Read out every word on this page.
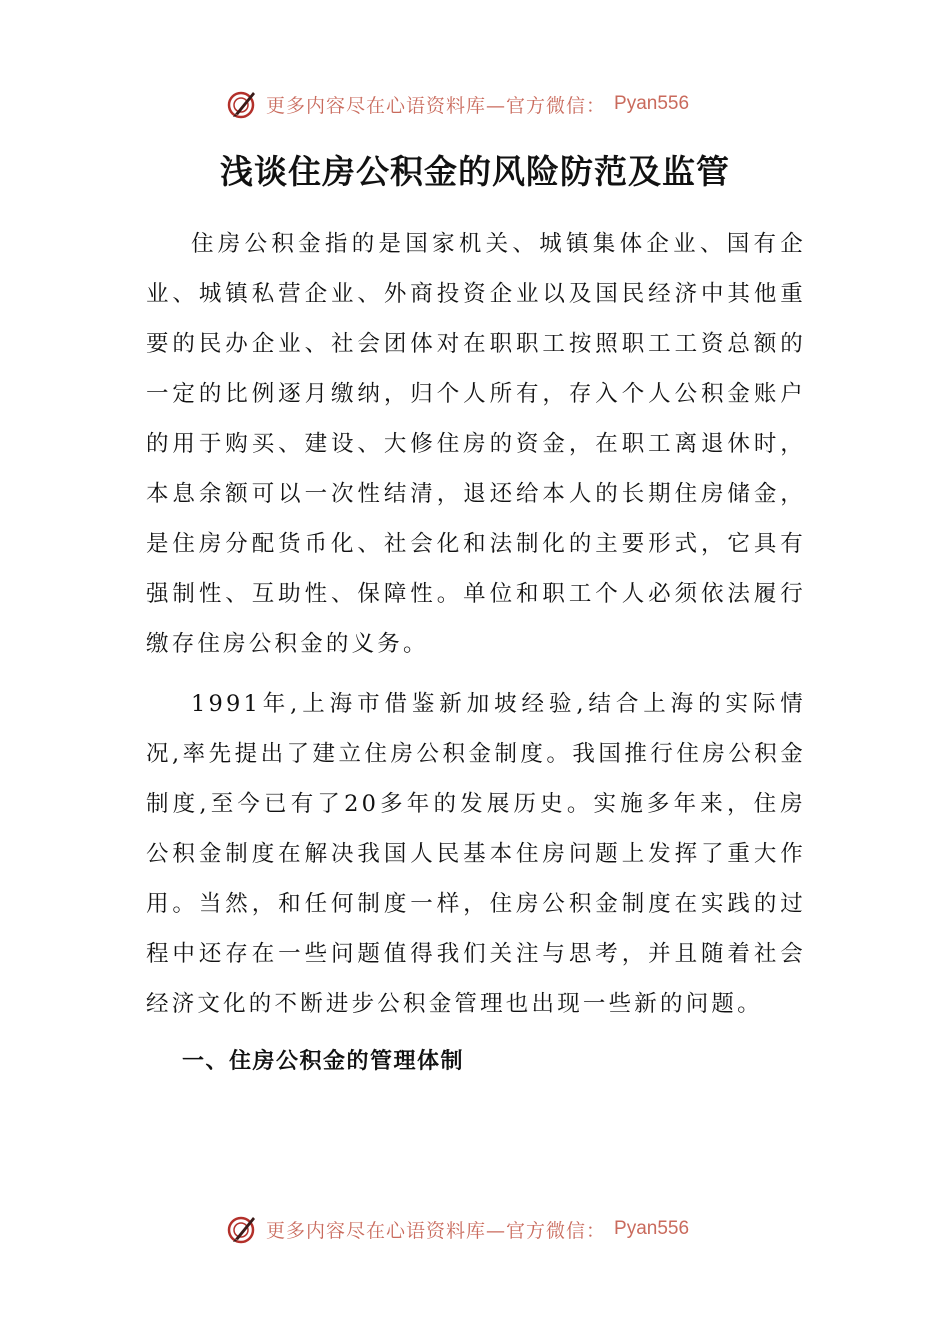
更多内容尽在心语资料库—官方微信： Pyan556
浅谈住房公积金的风险防范及监管

住房公积金指的是国家机关、城镇集体企业、国有企业、城镇私营企业、外商投资企业以及国民经济中其他重要的民办企业、社会团体对在职职工按照职工工资总额的一定的比例逐月缴纳，归个人所有，存入个人公积金账户的用于购买、建设、大修住房的资金，在职工离退休时，本息余额可以一次性结清，退还给本人的长期住房储金，是住房分配货币化、社会化和法制化的主要形式，它具有强制性、互助性、保障性。单位和职工个人必须依法履行缴存住房公积金的义务。

1991年,上海市借鉴新加坡经验,结合上海的实际情况,率先提出了建立住房公积金制度。我国推行住房公积金制度,至今已有了20多年的发展历史。实施多年来，住房公积金制度在解决我国人民基本住房问题上发挥了重大作用。当然，和任何制度一样，住房公积金制度在实践的过程中还存在一些问题值得我们关注与思考，并且随着社会经济文化的不断进步公积金管理也出现一些新的问题。

一、住房公积金的管理体制
更多内容尽在心语资料库—官方微信： Pyan556
